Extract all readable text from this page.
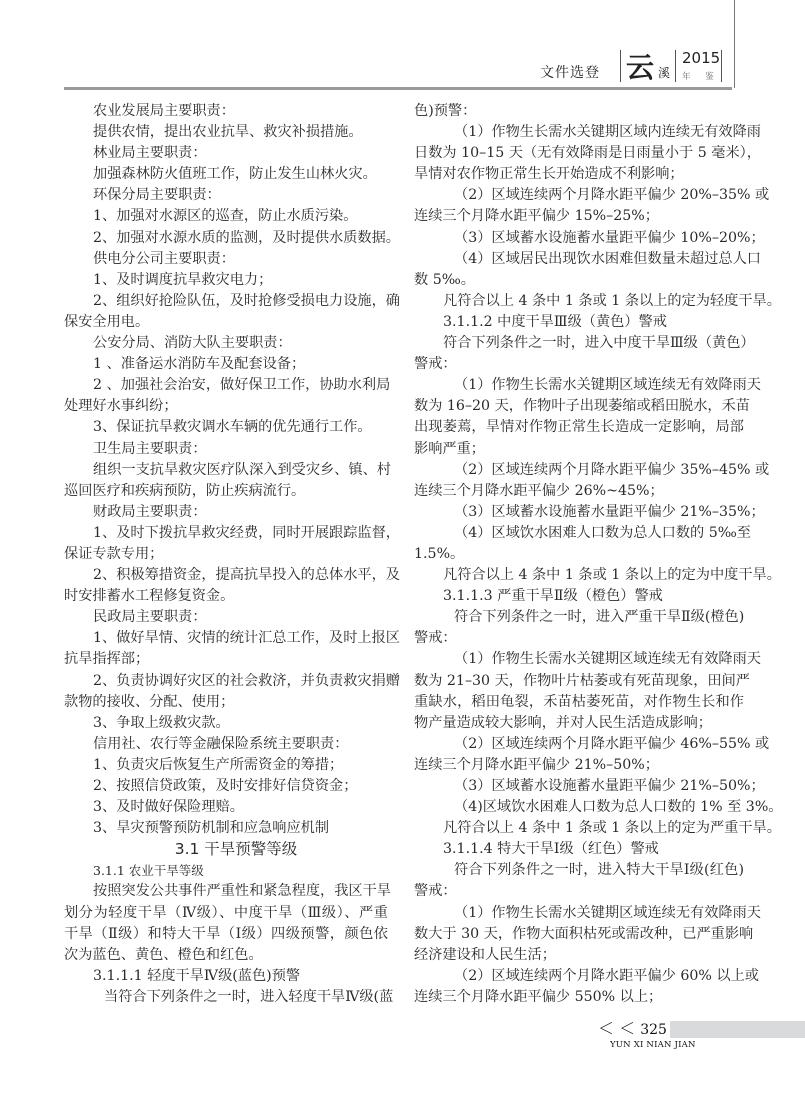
文件选登 云 溪
2015
年 鉴
农业发展局主要职责：
提供农情，提出农业抗旱、救灾补损措施。
林业局主要职责：
加强森林防火值班工作，防止发生山林火灾。
环保分局主要职责：
1、加强对水源区的巡查，防止水质污染。
2、加强对水源水质的监测，及时提供水质数据。
供电分公司主要职责：
1、及时调度抗旱救灾电力；
2、组织好抢险队伍，及时抢修受损电力设施，确
保安全用电。
公安分局、消防大队主要职责：
1 、准备运水消防车及配套设备；
2 、加强社会治安，做好保卫工作，协助水利局
处理好水事纠纷；
3、保证抗旱救灾调水车辆的优先通行工作。
卫生局主要职责：
组织一支抗旱救灾医疗队深入到受灾乡、镇、村
巡回医疗和疾病预防，防止疾病流行。
财政局主要职责：
1、及时下拨抗旱救灾经费，同时开展跟踪监督，
保证专款专用；
2、积极筹措资金，提高抗旱投入的总体水平，及
时安排蓄水工程修复资金。
民政局主要职责：
1、做好旱情、灾情的统计汇总工作，及时上报区
抗旱指挥部；
2、负责协调好灾区的社会救济，并负责救灾捐赠
款物的接收、分配、使用；
3、争取上级救灾款。
信用社、农行等金融保险系统主要职责：
1、负责灾后恢复生产所需资金的筹措；
2、按照信贷政策，及时安排好信贷资金；
3、及时做好保险理赔。
3、旱灾预警预防机制和应急响应机制
3.1 干旱预警等级
3.1.1 农业干旱等级
按照突发公共事件严重性和紧急程度，我区干旱
划分为轻度干旱（Ⅳ级）、中度干旱（Ⅲ级）、严重
干旱（Ⅱ级）和特大干旱（Ⅰ级）四级预警，颜色依
次为蓝色、黄色、橙色和红色。
3.1.1.1 轻度干旱Ⅳ级(蓝色)预警
当符合下列条件之一时，进入轻度干旱Ⅳ级(蓝
色)预警：
（1）作物生长需水关键期区域内连续无有效降雨
日数为 10–15 天（无有效降雨是日雨量小于 5 毫米），
旱情对农作物正常生长开始造成不利影响；
（2）区域连续两个月降水距平偏少 20%–35% 或
连续三个月降水距平偏少 15%–25%；
（3）区域蓄水设施蓄水量距平偏少 10%–20%；
（4）区域居民出现饮水困难但数量未超过总人口
数 5‰。
凡符合以上 4 条中 1 条或 1 条以上的定为轻度干旱。
3.1.1.2 中度干旱Ⅲ级（黄色）警戒
符合下列条件之一时，进入中度干旱Ⅲ级（黄色）
警戒：
（1）作物生长需水关键期区域连续无有效降雨天
数为 16–20 天，作物叶子出现萎缩或稻田脱水，禾苗
出现萎蔫，旱情对作物正常生长造成一定影响，局部
影响严重；
（2）区域连续两个月降水距平偏少 35%–45% 或
连续三个月降水距平偏少 26%~45%；
（3）区域蓄水设施蓄水量距平偏少 21%–35%；
（4）区域饮水困难人口数为总人口数的 5‰至
1.5%。
凡符合以上 4 条中 1 条或 1 条以上的定为中度干旱。
3.1.1.3 严重干旱Ⅱ级（橙色）警戒
符合下列条件之一时，进入严重干旱Ⅱ级(橙色)
警戒：
（1）作物生长需水关键期区域连续无有效降雨天
数为 21–30 天，作物叶片枯萎或有死苗现象，田间严
重缺水，稻田龟裂，禾苗枯萎死苗，对作物生长和作
物产量造成较大影响，并对人民生活造成影响；
（2）区域连续两个月降水距平偏少 46%–55% 或
连续三个月降水距平偏少 21%–50%；
（3）区域蓄水设施蓄水量距平偏少 21%–50%；
（4)区域饮水困难人口数为总人口数的 1% 至 3%。
凡符合以上 4 条中 1 条或 1 条以上的定为严重干旱。
3.1.1.4 特大干旱Ⅰ级（红色）警戒
符合下列条件之一时，进入特大干旱Ⅰ级(红色)
警戒：
（1）作物生长需水关键期区域连续无有效降雨天
数大于 30 天，作物大面积枯死或需改种，已严重影响
经济建设和人民生活；
（2）区域连续两个月降水距平偏少 60% 以上或
连续三个月降水距平偏少 550% 以上；
＜ ＜ 325
YUN XI NIAN JIAN
